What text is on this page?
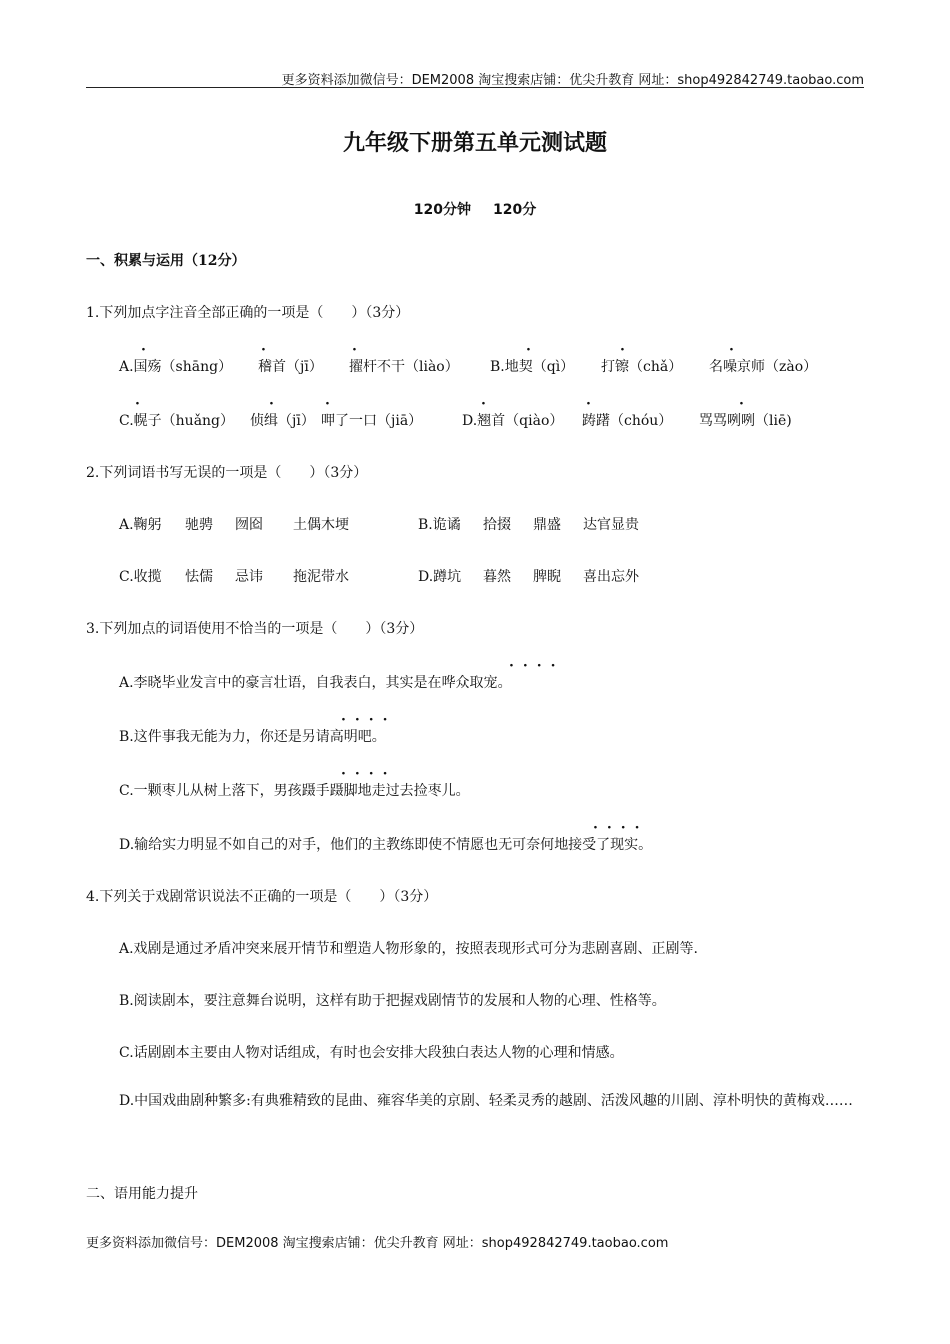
更多资料添加微信号：DEM2008 淘宝搜索店铺：优尖升教育 网址：shop492842749.taobao.com
九年级下册第五单元测试题
120分钟 120分
一、积累与运用（12分）
1.下列加点字注音全部正确的一项是（　　）（3分）
A.国殇（shāng） 稽首（jī） 擢杆不干（liào） B.地契（qì） 打镲（chǎ） 名噪京师（zào）
·	·	·	·	·	·
C.幌子（huǎng） 侦缉（jī） 呷了一口（jiā）	D.翘首（qiào） 踌躇（chóu） 骂骂咧咧（liē)
·	·	·	·	·	·
2.下列词语书写无误的一项是（　　）（3分）
A.鞠躬 驰骋 囫囵 土偶木埂	B.诡谲 拾掇 鼎盛 达官显贵
C.收揽 怯儒 忌讳 拖泥带水	D.蹲坑 暮然 脾睨 喜出忘外
3.下列加点的词语使用不恰当的一项是（　　）（3分）
A.李晓毕业发言中的豪言壮语，自我表白，其实是在哗众取宠。
····
B.这件事我无能为力，你还是另请高明吧。
····
C.一颗枣儿从树上落下，男孩蹑手蹑脚地走过去捡枣儿。
····
D.输给实力明显不如自己的对手，他们的主教练即使不情愿也无可奈何地接受了现实。
····
4.下列关于戏剧常识说法不正确的一项是（　　）（3分）
A.戏剧是通过矛盾冲突来展开情节和塑造人物形象的，按照表现形式可分为悲剧喜剧、正剧等.
B.阅读剧本，要注意舞台说明，这样有助于把握戏剧情节的发展和人物的心理、性格等。
C.话剧剧本主要由人物对话组成，有时也会安排大段独白表达人物的心理和情感。
D.中国戏曲剧种繁多:有典雅精致的昆曲、雍容华美的京剧、轻柔灵秀的越剧、活泼风趣的川剧、淳朴明快的黄梅戏……
二、语用能力提升
更多资料添加微信号：DEM2008 淘宝搜索店铺：优尖升教育 网址：shop492842749.taobao.com
